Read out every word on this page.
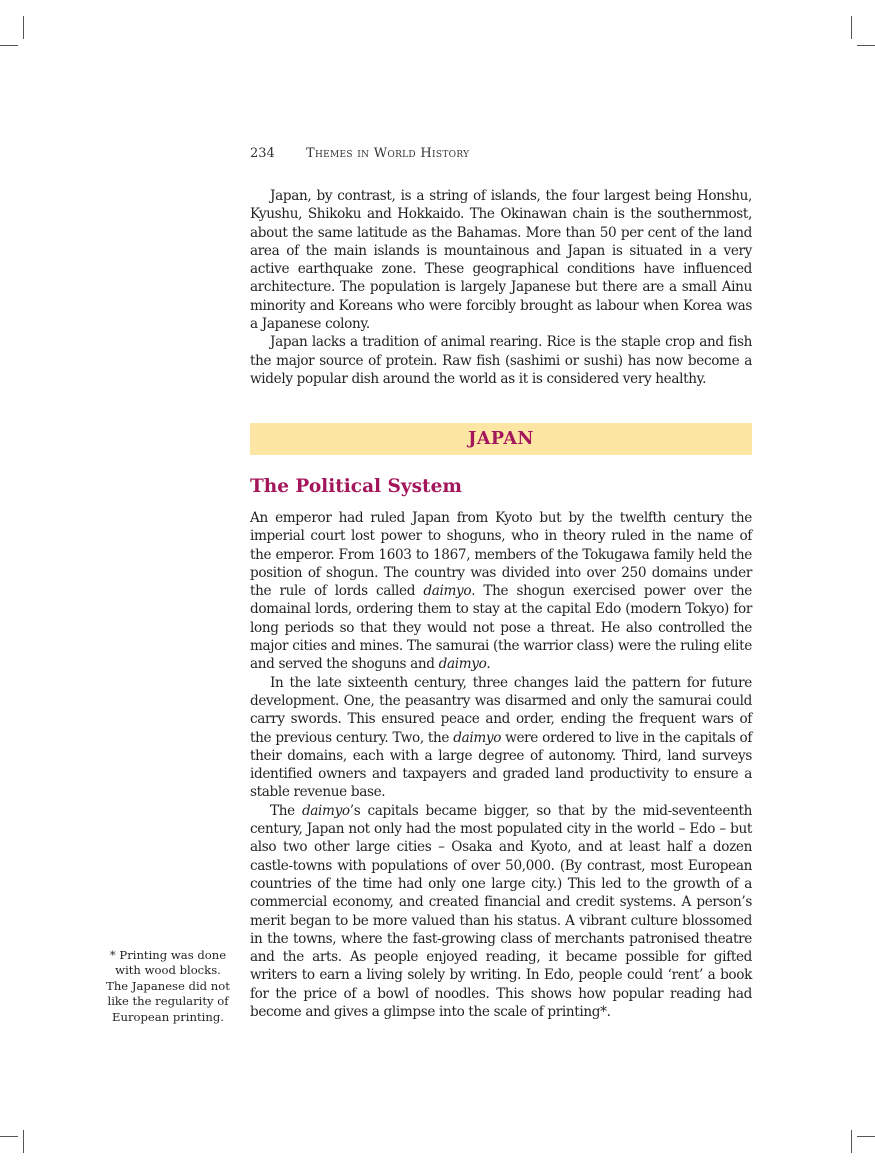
234 Themes in World History

Japan, by contrast, is a string of islands, the four largest being Honshu, Kyushu, Shikoku and Hokkaido. The Okinawan chain is the southernmost, about the same latitude as the Bahamas. More than 50 per cent of the land area of the main islands is mountainous and Japan is situated in a very active earthquake zone. These geographical conditions have influenced architecture. The population is largely Japanese but there are a small Ainu minority and Koreans who were forcibly brought as labour when Korea was a Japanese colony.

Japan lacks a tradition of animal rearing. Rice is the staple crop and fish the major source of protein. Raw fish (sashimi or sushi) has now become a widely popular dish around the world as it is considered very healthy.

JAPAN
The Political System

An emperor had ruled Japan from Kyoto but by the twelfth century the imperial court lost power to shoguns, who in theory ruled in the name of the emperor. From 1603 to 1867, members of the Tokugawa family held the position of shogun. The country was divided into over 250 domains under the rule of lords called daimyo. The shogun exercised power over the domainal lords, ordering them to stay at the capital Edo (modern Tokyo) for long periods so that they would not pose a threat. He also controlled the major cities and mines. The samurai (the warrior class) were the ruling elite and served the shoguns and daimyo.

In the late sixteenth century, three changes laid the pattern for future development. One, the peasantry was disarmed and only the samurai could carry swords. This ensured peace and order, ending the frequent wars of the previous century. Two, the daimyo were ordered to live in the capitals of their domains, each with a large degree of autonomy. Third, land surveys identified owners and taxpayers and graded land productivity to ensure a stable revenue base.

The daimyo’s capitals became bigger, so that by the mid-seventeenth century, Japan not only had the most populated city in the world – Edo – but also two other large cities – Osaka and Kyoto, and at least half a dozen castle-towns with populations of over 50,000. (By contrast, most European countries of the time had only one large city.) This led to the growth of a commercial economy, and created financial and credit systems. A person’s merit began to be more valued than his status. A vibrant culture blossomed in the towns, where the fast-growing class of merchants patronised theatre and the arts. As people enjoyed reading, it became possible for gifted writers to earn a living solely by writing. In Edo, people could ‘rent’ a book for the price of a bowl of noodles. This shows how popular reading had become and gives a glimpse into the scale of printing*.

* Printing was done with wood blocks. The Japanese did not like the regularity of European printing.
